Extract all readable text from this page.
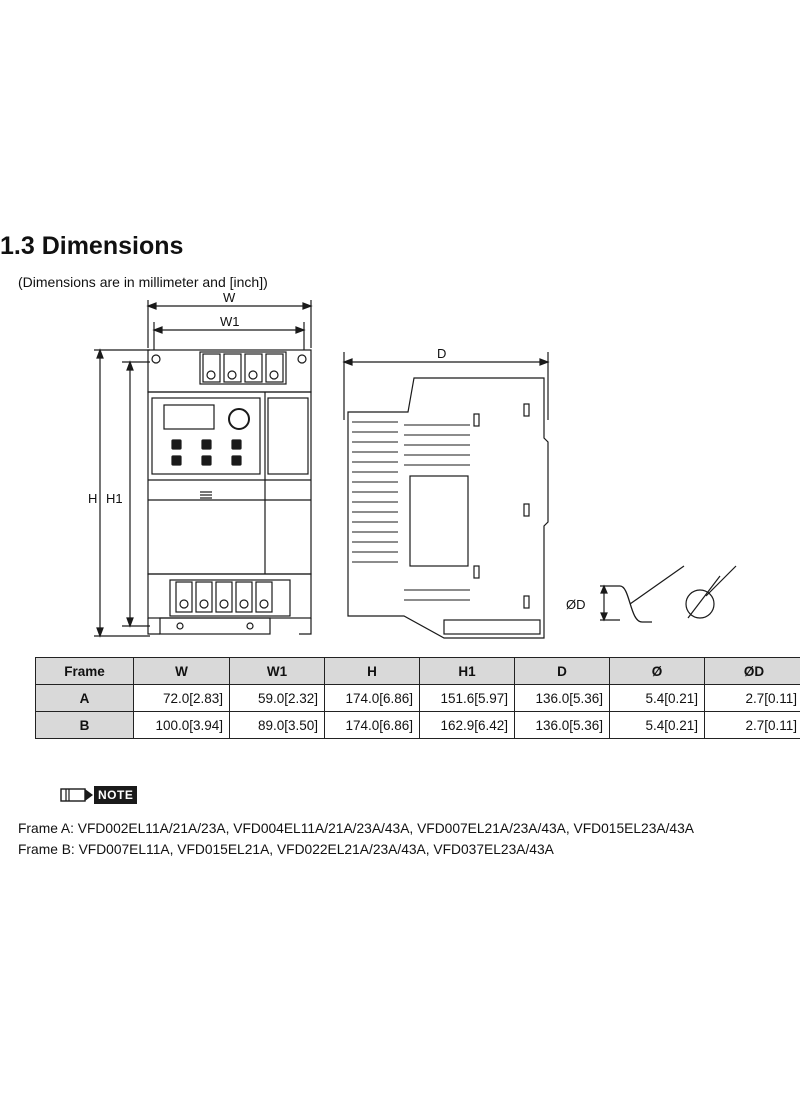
1.3 Dimensions
(Dimensions are in millimeter and [inch])
W
W1
H H1
D
ØD
Frame	W	W1	H	H1	D	Ø	ØD
A	72.0[2.83]	59.0[2.32]	174.0[6.86]	151.6[5.97]	136.0[5.36]	5.4[0.21]	2.7[0.11]
B	100.0[3.94]	89.0[3.50]	174.0[6.86]	162.9[6.42]	136.0[5.36]	5.4[0.21]	2.7[0.11]
NOTE
Frame A: VFD002EL11A/21A/23A, VFD004EL11A/21A/23A/43A, VFD007EL21A/23A/43A, VFD015EL23A/43A
Frame B: VFD007EL11A, VFD015EL21A, VFD022EL21A/23A/43A, VFD037EL23A/43A
